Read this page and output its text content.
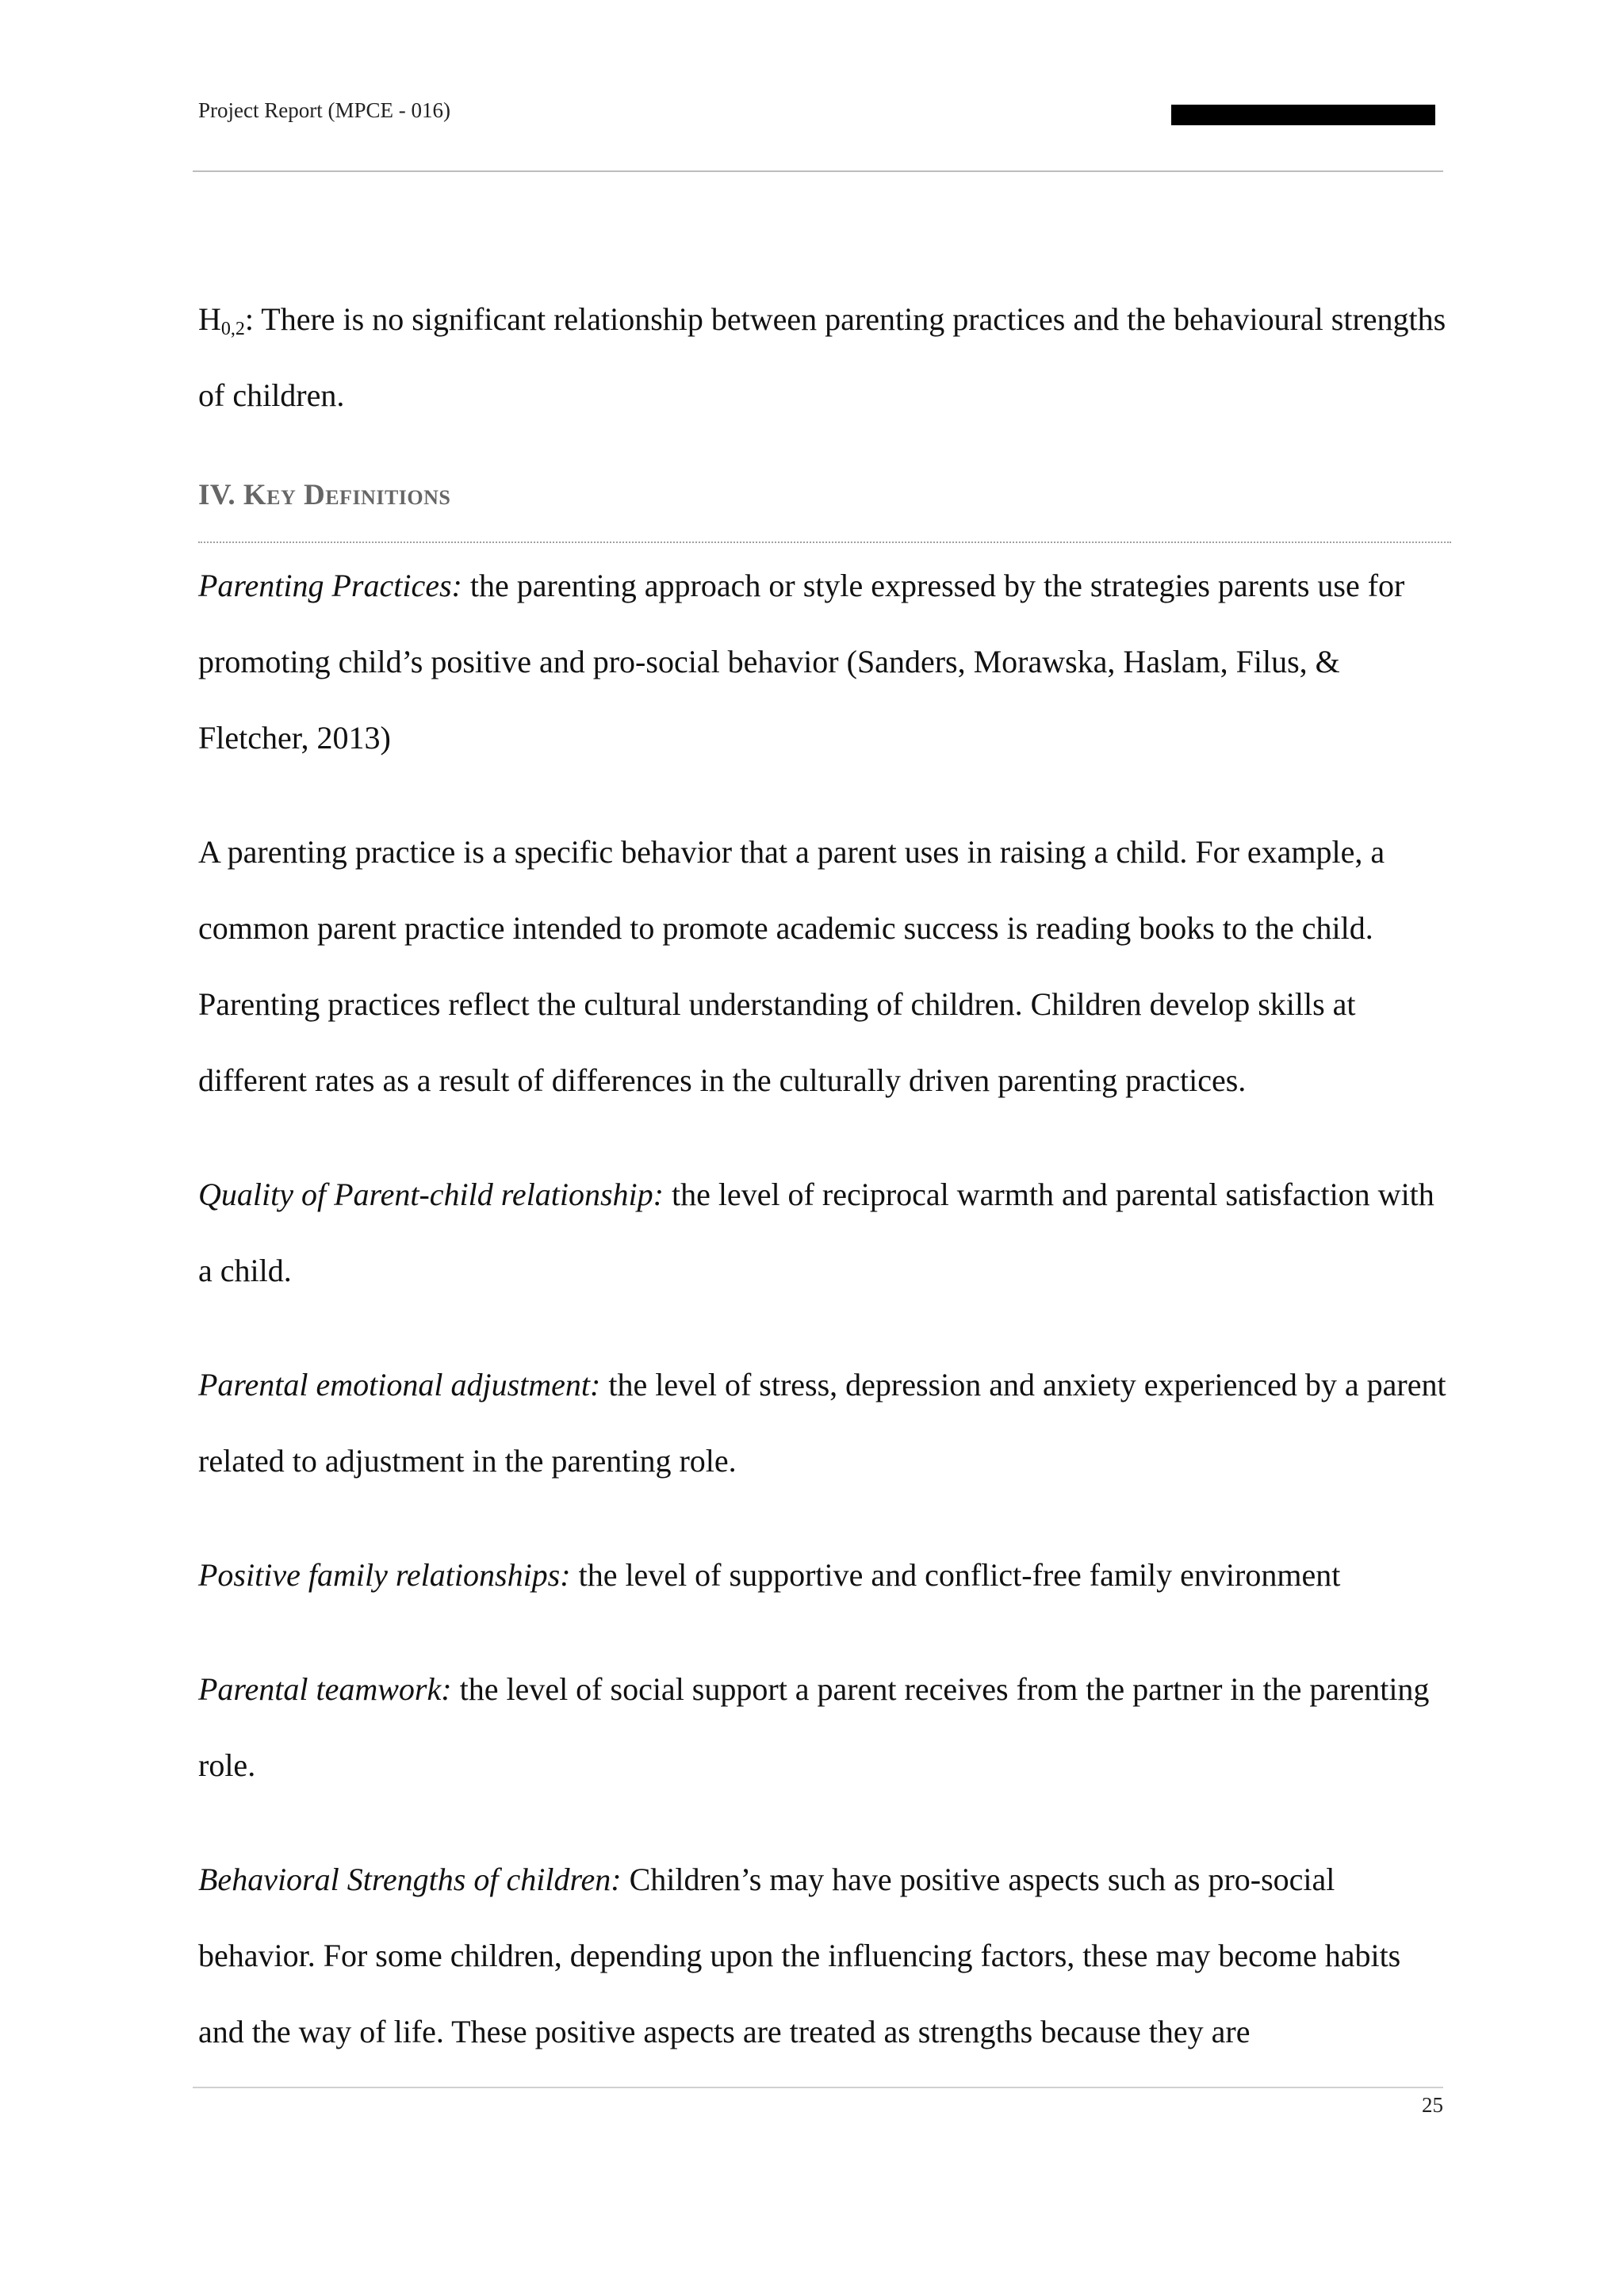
Project Report (MPCE - 016)

$H_{0,2}$: There is no significant relationship between parenting practices and the behavioural strengths of children.

IV. Key Definitions

Parenting Practices: the parenting approach or style expressed by the strategies parents use for promoting child’s positive and pro-social behavior (Sanders, Morawska, Haslam, Filus, & Fletcher, 2013)

A parenting practice is a specific behavior that a parent uses in raising a child. For example, a common parent practice intended to promote academic success is reading books to the child. Parenting practices reflect the cultural understanding of children. Children develop skills at different rates as a result of differences in the culturally driven parenting practices.

Quality of Parent-child relationship: the level of reciprocal warmth and parental satisfaction with a child.

Parental emotional adjustment: the level of stress, depression and anxiety experienced by a parent related to adjustment in the parenting role.

Positive family relationships: the level of supportive and conflict-free family environment

Parental teamwork: the level of social support a parent receives from the partner in the parenting role.

Behavioral Strengths of children: Children’s may have positive aspects such as pro-social behavior. For some children, depending upon the influencing factors, these may become habits and the way of life. These positive aspects are treated as strengths because they are

25
